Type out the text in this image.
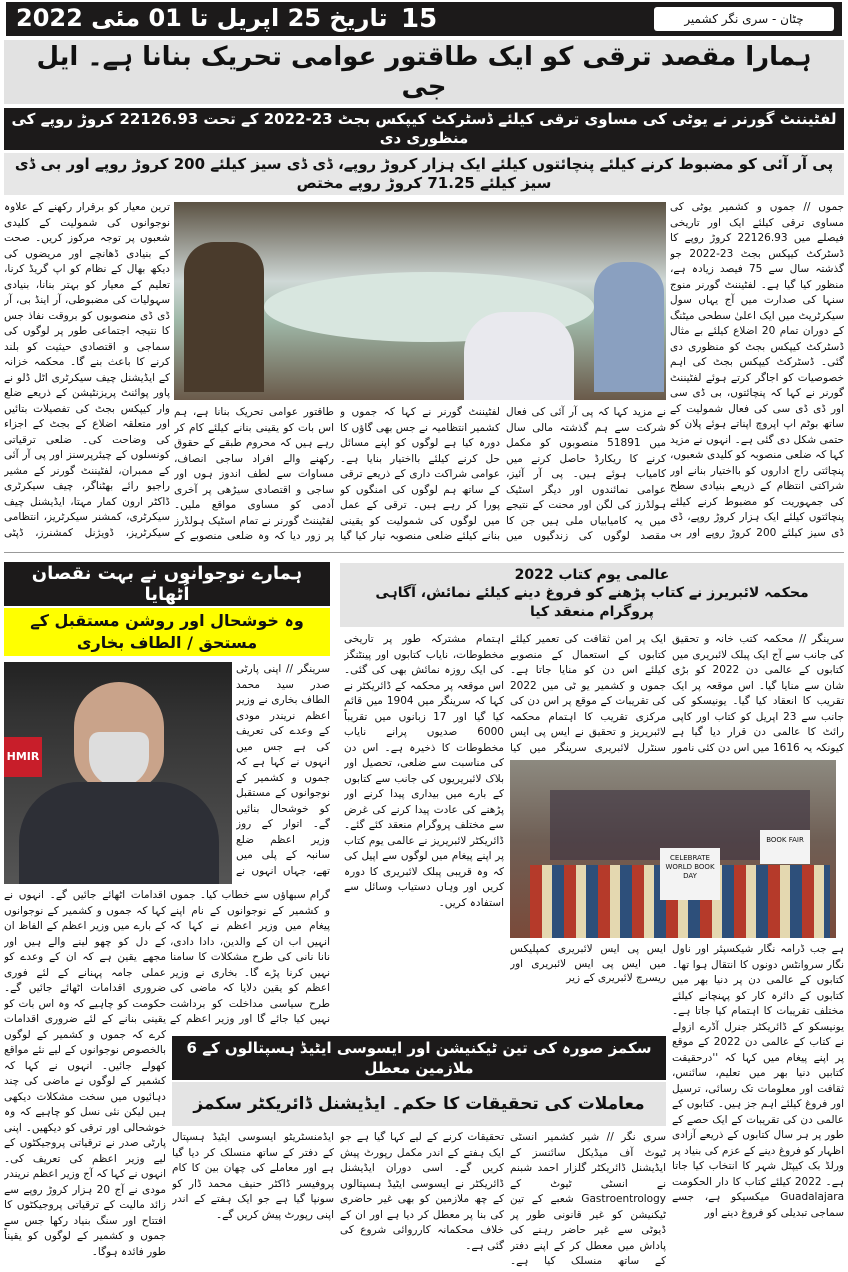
تاریخ 25 اپریل تا 01 مئی 2022 15	چٹان - سری نگر کشمیر
ہمارا مقصد ترقی کو ایک طاقتور عوامی تحریک بنانا ہے۔ ایل جی
لفٹیننٹ گورنر نے یوٹی کی مساوی ترقی کیلئے ڈسٹرکٹ کیپکس بجٹ 23-2022 کے تحت 22126.93 کروڑ روپے کی منظوری دی
پی آر آئی کو مضبوط کرنے کیلئے پنچائتوں کیلئے ایک ہزار کروڑ روپے، ڈی ڈی سیز کیلئے 200 کروڑ روپے اور بی ڈی سیز کیلئے 71.25 کروڑ روپے مختص
جموں // جموں و کشمیر یوٹی کی مساوی ترقی کیلئے ایک اور تاریخی فیصلے میں 22126.93 کروڑ روپے کا ڈسٹرکٹ کیپکس بجٹ 23-2022 جو گذشتہ سال سے 75 فیصد زیادہ ہے، منظور کیا گیا ہے۔ لفٹیننٹ گورنر منوج سنہا کی صدارت میں آج یہاں سول سیکرٹریٹ میں ایک اعلیٰ سطحی میٹنگ کے دوران تمام 20 اضلاع کیلئے بے مثال ڈسٹرکٹ کیپکس بجٹ کو منظوری دی گئی۔ ڈسٹرکٹ کیپکس بجٹ کی اہم خصوصیات کو اجاگر کرتے ہوئے لفٹیننٹ گورنر نے کہا کہ پنچائتوں، بی ڈی سی اور ڈی ڈی سی کی فعال شمولیت کے ساتھ بوٹم اپ اپروچ اپناتے ہوئے پلان کو حتمی شکل دی گئی ہے۔ انہوں نے مزید کہا کہ ضلعی منصوبہ کو کلیدی شعبوں، پنچائتی راج اداروں کو بااختیار بنانے اور شراکتی انتظام کے ذریعے بنیادی سطح کی جمہوریت کو مضبوط کرنے کیلئے پنچائتوں کیلئے ایک ہزار کروڑ روپے، ڈی ڈی سیز کیلئے 200 کروڑ روپے اور بی
ترین معیار کو برقرار رکھنے کے علاوہ نوجوانوں کی شمولیت کے کلیدی شعبوں پر توجہ مرکوز کریں۔ صحت کے بنیادی ڈھانچے اور مریضوں کی دیکھ بھال کے نظام کو اپ گریڈ کرنا، تعلیم کے معیار کو بہتر بنانا، بنیادی سہولیات کی مضبوطی، آر اینڈ بی، آر ڈی ڈی منصوبوں کو بروقت نفاذ جس کا نتیجہ اجتماعی طور پر لوگوں کی سماجی و اقتصادی حیثیت کو بلند کرنے کا باعث بنے گا۔ محکمہ خزانہ کے ایڈیشنل چیف سیکرٹری اٹل ڈلو نے پاور پوائنٹ پریزنٹیشن کے ذریعے ضلع وار کیپکس بجٹ کی تفصیلات بتائیں اور متعلقہ اضلاع کے بجٹ کے اجزاء کی وضاحت کی۔ ضلعی ترقیاتی کونسلوں کے چیئرپرسنز اور پی آر آئی کے ممبران، لفٹیننٹ گورنر کے مشیر راجیو رائے بھٹناگر، چیف سیکرٹری ڈاکٹر ارون کمار مہتا، ایڈیشنل چیف سیکرٹری، کمشنر سیکرٹریز، انتظامی سیکرٹریز، ڈویژنل کمشنرز، ڈپٹی
نے مزید کہا کہ پی آر آئی کی فعال شرکت سے ہم گذشتہ مالی سال میں 51891 منصوبوں کو مکمل کرنے کا ریکارڈ حاصل کرنے میں کامیاب ہوئے ہیں۔ پی آر آئیز، عوامی نمائندوں اور دیگر اسٹیک ہولڈرز کی لگن اور محنت کے نتیجے میں یہ کامیابیاں ملی ہیں جن کا مقصد لوگوں کی زندگیوں میں
لفٹیننٹ گورنر نے کہا کہ جموں و کشمیر انتظامیہ نے جس بھی گاؤں کا دورہ کیا ہے لوگوں کو اپنے مسائل حل کرنے کیلئے بااختیار بنایا ہے۔ عوامی شراکت داری کے ذریعے ترقی کے ساتھ ہم لوگوں کی امنگوں کو پورا کر رہے ہیں۔ ترقی کے عمل میں لوگوں کی شمولیت کو یقینی بنانے کیلئے ضلعی منصوبہ تیار کیا گیا
طاقتور عوامی تحریک بنانا ہے، ہم اس بات کو یقینی بنانے کیلئے کام کر رہے ہیں کہ محروم طبقے کے حقوق رکھنے والے افراد ساجی انصاف، مساوات سے لطف اندوز ہوں اور ساجی و اقتصادی سیڑھی پر آخری آدمی کو مساوی مواقع ملیں۔ لفٹیننٹ گورنر نے تمام اسٹیک ہولڈرز پر زور دیا کہ وہ ضلعی منصوبے کے
ہمارے نوجوانوں نے بہت نقصان اُٹھایا
وہ خوشحال اور روشن مستقبل کے مستحق / الطاف بخاری
HMIR
سرینگر // اپنی پارٹی صدر سید محمد الطاف بخاری نے وزیر اعظم نریندر مودی کے وعدے کی تعریف کی ہے جس میں انہوں نے کہا ہے کہ جموں و کشمیر کے نوجوانوں کے مستقبل کو خوشحال بنائیں گے۔ اتوار کے روز وزیر اعظم ضلع سانبہ کے پلی میں تھے، جہاں انہوں نے
گرام سبھاؤں سے خطاب کیا۔ جموں و کشمیر کے نوجوانوں کے نام اپنے پیغام میں وزیر اعظم نے کہا کہ انہیں اب ان کے والدین، دادا دادی، نانا نانی کی طرح مشکلات کا سامنا نہیں کرنا پڑے گا۔ بخاری نے وزیر اعظم کو یقین دلایا کہ ماضی کی طرح سیاسی مداخلت کو برداشت نہیں کیا جائے گا اور وزیر اعظم کے
اقدامات اٹھائے جائیں گے۔ انہوں نے کہا کہ جموں و کشمیر کے نوجوانوں کے بارے میں وزیر اعظم کے الفاظ ان کے دل کو چھو لینے والے ہیں اور مجھے یقین ہے کہ ان کے وعدے کو عملی جامہ پہنانے کے لئے فوری ضروری اقدامات اٹھائے جائیں گے۔ حکومت کو چاہیے کہ وہ اس بات کو یقینی بنانے کے لئے ضروری اقدامات کرے کہ جموں و کشمیر کے لوگوں بالخصوص نوجوانوں کے لیے نئے مواقع کھولے جائیں۔ انہوں نے کہا کہ کشمیر کے لوگوں نے ماضی کی چند دہائیوں میں سخت مشکلات دیکھی ہیں لیکن نئی نسل کو چاہیے کہ وہ خوشحالی اور ترقی کو دیکھیں۔ اپنی پارٹی صدر نے ترقیاتی پروجیکٹوں کے لیے وزیر اعظم کی تعریف کی۔ انہوں نے کہا کہ آج وزیر اعظم نریندر مودی نے آج 20 ہزار کروڑ روپے سے زائد مالیت کے ترقیاتی پروجیکٹوں کا افتتاح اور سنگ بنیاد رکھا جس سے جموں و کشمیر کے لوگوں کو یقیناً طور فائدہ ہوگا۔
عالمی یوم کتاب 2022
محکمہ لائبریرز نے کتاب پڑھنے کو فروغ دینے کیلئے نمائش، آگاہی پروگرام منعقد کیا
سرینگر // محکمہ کتب خانہ و تحقیق کی جانب سے آج ایک پبلک لائبریری میں کتابوں کے عالمی دن 2022 کو بڑی شان سے منایا گیا۔ اس موقعہ پر ایک تقریب کا انعقاد کیا گیا۔ یونیسکو کی جانب سے 23 اپریل کو کتاب اور کاپی رائٹ کا عالمی دن قرار دیا گیا ہے کیونکہ یہ 1616 میں اس دن کئی نامور
ایک پر امن ثقافت کی تعمیر کیلئے کتابوں کے استعمال کے منصوبے کیلئے اس دن کو منایا جاتا ہے۔ جموں و کشمیر یو ٹی میں 2022 کی تقریبات کے موقع پر اس دن کی مرکزی تقریب کا اہتمام محکمہ لائبریریز و تحقیق نے ایس پی ایس سنٹرل لائبریری سرینگر میں کیا
اہتمام مشترکہ طور پر تاریخی مخطوطات، نایاب کتابوں اور پینٹنگز کی ایک روزہ نمائش بھی کی گئی۔ اس موقعہ پر محکمہ کے ڈائریکٹر نے کہا کہ سرینگر میں 1904 میں قائم کیا گیا اور 17 زبانوں میں تقریباً 6000 صدیوں پرانے نایاب مخطوطات کا ذخیرہ ہے۔ اس دن کی مناسبت سے ضلعی، تحصیل اور بلاک لائبریریوں کی جانب سے کتابوں کے بارے میں بیداری پیدا کرنے اور پڑھنے کی عادت پیدا کرنے کی غرض سے مختلف پروگرام منعقد کئے گئے۔ ڈائریکٹر لائبریریز نے عالمی یوم کتاب پر اپنے پیغام میں لوگوں سے اپیل کی کہ وہ قریبی پبلک لائبریری کا دورہ کریں اور وہاں دستیاب وسائل سے استفادہ کریں۔
CELEBRATE WORLD BOOK DAY
BOOK FAIR
ایس پی ایس لائبریری کمپلیکس میں ایس پی ایس لائبریری اور ریسرچ لائبریری کے زیر
ہے جب ڈرامہ نگار شیکسپئر اور ناول نگار سروانٹس دونوں کا انتقال ہوا تھا۔ کتابوں کے عالمی دن پر دنیا بھر میں کتابوں کے دائرہ کار کو پہنچانے کیلئے مختلف تقریبات کا اہتمام کیا جاتا ہے۔ یونیسکو کے ڈائریکٹر جنرل آڈرے ازولے نے کتاب کے عالمی دن 2022 کے موقع پر اپنے پیغام میں کہا کہ ''درحقیقت کتابیں دنیا بھر میں تعلیم، سائنس، ثقافت اور معلومات تک رسائی، ترسیل اور فروغ کیلئے اہم جز ہیں۔ کتابوں کے عالمی دن کی تقریبات کے ایک حصے کے طور پر ہر سال کتابوں کے ذریعے آزادی اظہار کو فروغ دینے کے عزم کی بنیاد پر ورلڈ بک کیپٹل شہر کا انتخاب کیا جاتا ہے۔ 2022 کیلئے کتاب کا دار الحکومت Guadalajara میکسیکو ہے، جسے سماجی تبدیلی کو فروغ دینے اور
سکمز صورہ کی تین ٹیکنیشن اور ایسوسی ایٹیڈ ہسپتالوں کے 6 ملازمین معطل
معاملات کی تحقیقات کا حکم۔ ایڈیشنل ڈائریکٹر سکمز
سری نگر // شیر کشمیر انسٹی ٹیوٹ آف میڈیکل سائنسز کے ایڈیشنل ڈائریکٹر گلزار احمد شبنم نے انسٹی ٹیوٹ کے Gastroentrology شعبے کے تین ٹیکنیشن کو غیر قانونی طور پر ڈیوٹی سے غیر حاضر رہنے کی پاداش میں معطل کر کے اپنے دفتر کے ساتھ منسلک کیا ہے۔
تحقیقات کرنے کے لیے کہا گیا ہے جو ایک ہفتے کے اندر مکمل رپورٹ پیش کریں گے۔ اسی دوران ایڈیشنل ڈائریکٹر نے ایسوسی ایٹیڈ ہسپتالوں کے چھ ملازمین کو بھی غیر حاضری کی بنا پر معطل کر دیا ہے اور ان کے خلاف محکمانہ کارروائی شروع کی گئی ہے۔
ایڈمنسٹریٹو ایسوسی ایٹیڈ ہسپتال کے دفتر کے ساتھ منسلک کر دیا گیا ہے اور معاملے کی چھان بین کا کام پروفیسر ڈاکٹر حنیف محمد ڈار کو سونپا گیا ہے جو ایک ہفتے کے اندر اپنی رپورٹ پیش کریں گے۔
